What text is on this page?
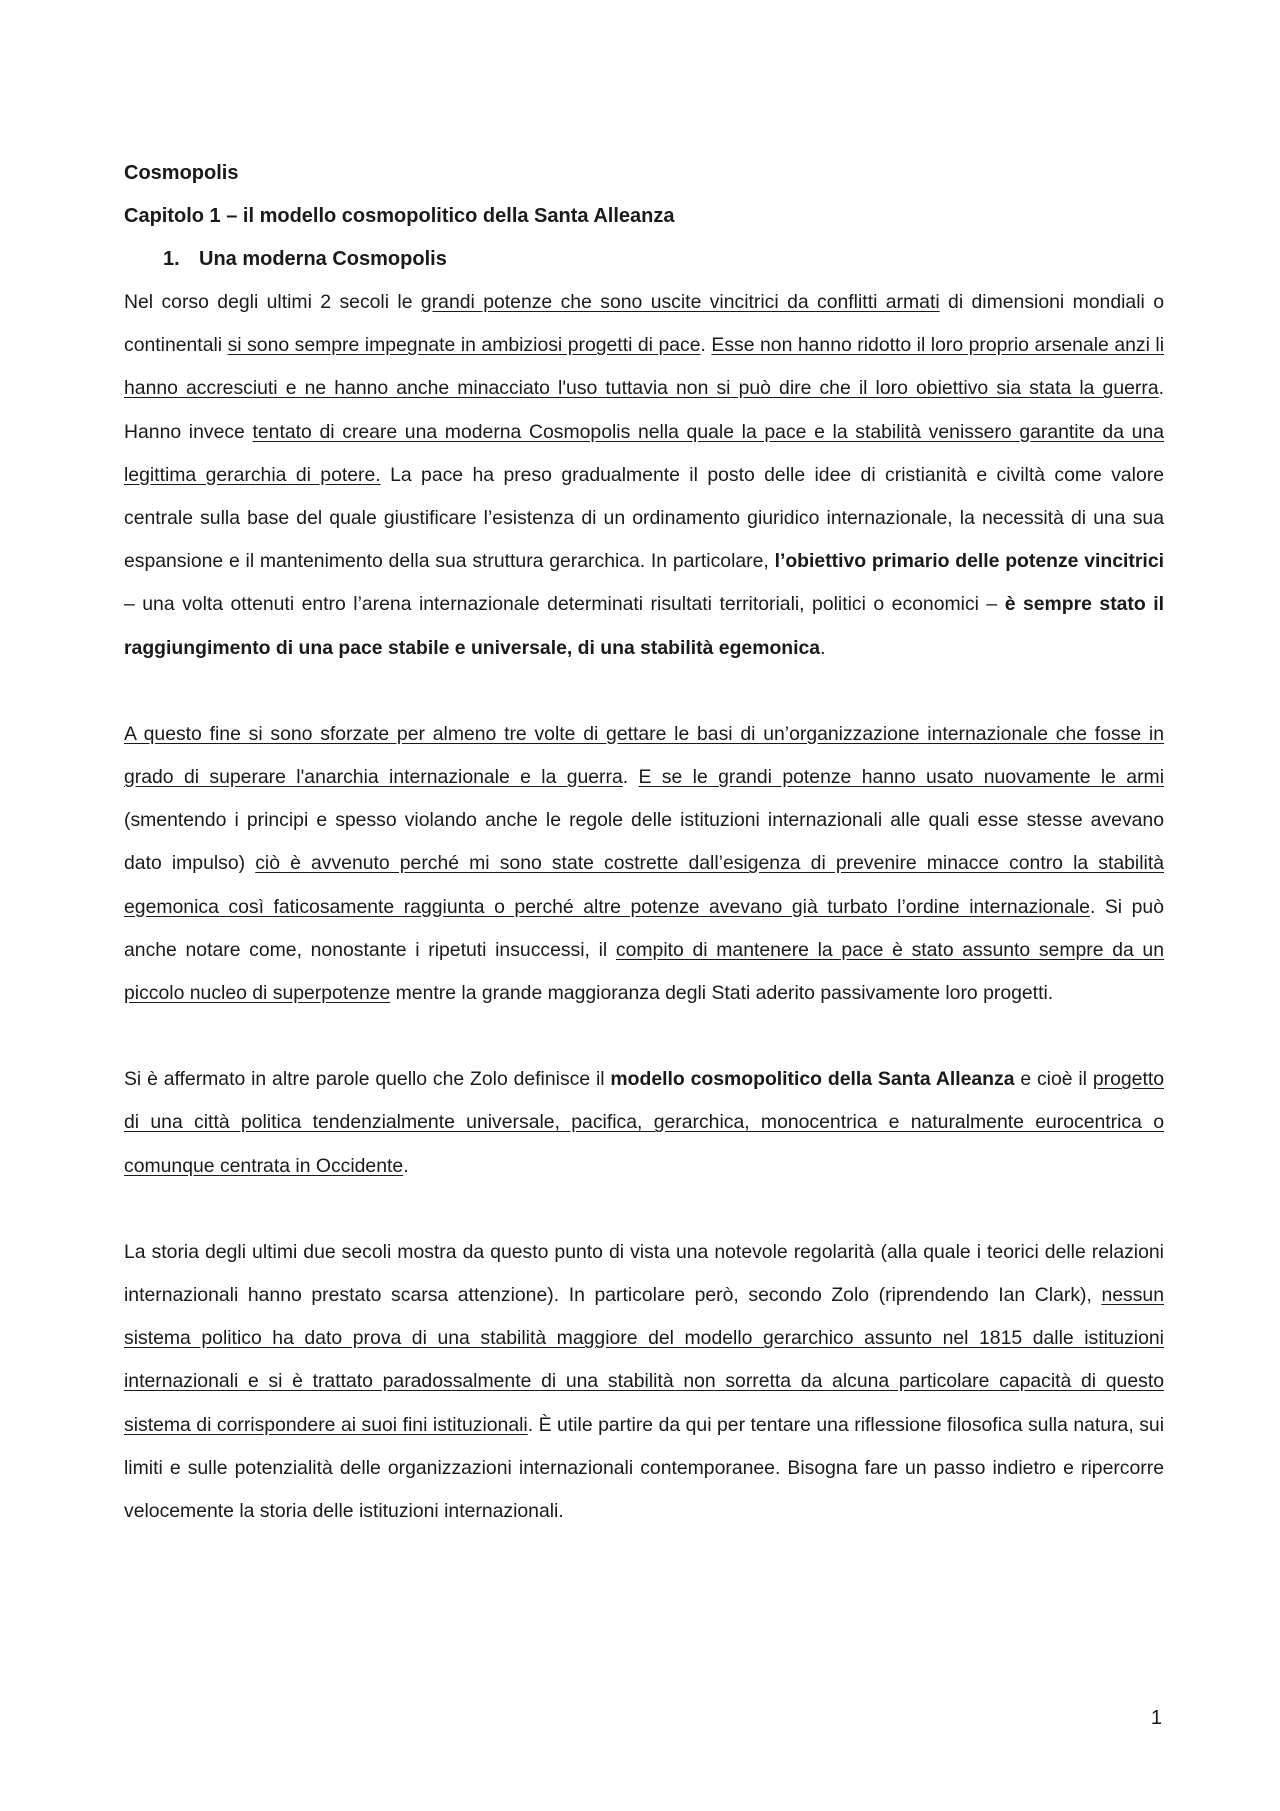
Cosmopolis

Capitolo 1 – il modello cosmopolitico della Santa Alleanza

1. Una moderna Cosmopolis

Nel corso degli ultimi 2 secoli le grandi potenze che sono uscite vincitrici da conflitti armati di dimensioni mondiali o continentali si sono sempre impegnate in ambiziosi progetti di pace. Esse non hanno ridotto il loro proprio arsenale anzi li hanno accresciuti e ne hanno anche minacciato l'uso tuttavia non si può dire che il loro obiettivo sia stata la guerra. Hanno invece tentato di creare una moderna Cosmopolis nella quale la pace e la stabilità venissero garantite da una legittima gerarchia di potere. La pace ha preso gradualmente il posto delle idee di cristianità e civiltà come valore centrale sulla base del quale giustificare l’esistenza di un ordinamento giuridico internazionale, la necessità di una sua espansione e il mantenimento della sua struttura gerarchica. In particolare, l’obiettivo primario delle potenze vincitrici – una volta ottenuti entro l’arena internazionale determinati risultati territoriali, politici o economici – è sempre stato il raggiungimento di una pace stabile e universale, di una stabilità egemonica.

A questo fine si sono sforzate per almeno tre volte di gettare le basi di un’organizzazione internazionale che fosse in grado di superare l'anarchia internazionale e la guerra. E se le grandi potenze hanno usato nuovamente le armi (smentendo i principi e spesso violando anche le regole delle istituzioni internazionali alle quali esse stesse avevano dato impulso) ciò è avvenuto perché mi sono state costrette dall’esigenza di prevenire minacce contro la stabilità egemonica così faticosamente raggiunta o perché altre potenze avevano già turbato l’ordine internazionale. Si può anche notare come, nonostante i ripetuti insuccessi, il compito di mantenere la pace è stato assunto sempre da un piccolo nucleo di superpotenze mentre la grande maggioranza degli Stati aderito passivamente loro progetti.

Si è affermato in altre parole quello che Zolo definisce il modello cosmopolitico della Santa Alleanza e cioè il progetto di una città politica tendenzialmente universale, pacifica, gerarchica, monocentrica e naturalmente eurocentrica o comunque centrata in Occidente.

La storia degli ultimi due secoli mostra da questo punto di vista una notevole regolarità (alla quale i teorici delle relazioni internazionali hanno prestato scarsa attenzione). In particolare però, secondo Zolo (riprendendo Ian Clark), nessun sistema politico ha dato prova di una stabilità maggiore del modello gerarchico assunto nel 1815 dalle istituzioni internazionali e si è trattato paradossalmente di una stabilità non sorretta da alcuna particolare capacità di questo sistema di corrispondere ai suoi fini istituzionali. È utile partire da qui per tentare una riflessione filosofica sulla natura, sui limiti e sulle potenzialità delle organizzazioni internazionali contemporanee. Bisogna fare un passo indietro e ripercorre velocemente la storia delle istituzioni internazionali.

1
